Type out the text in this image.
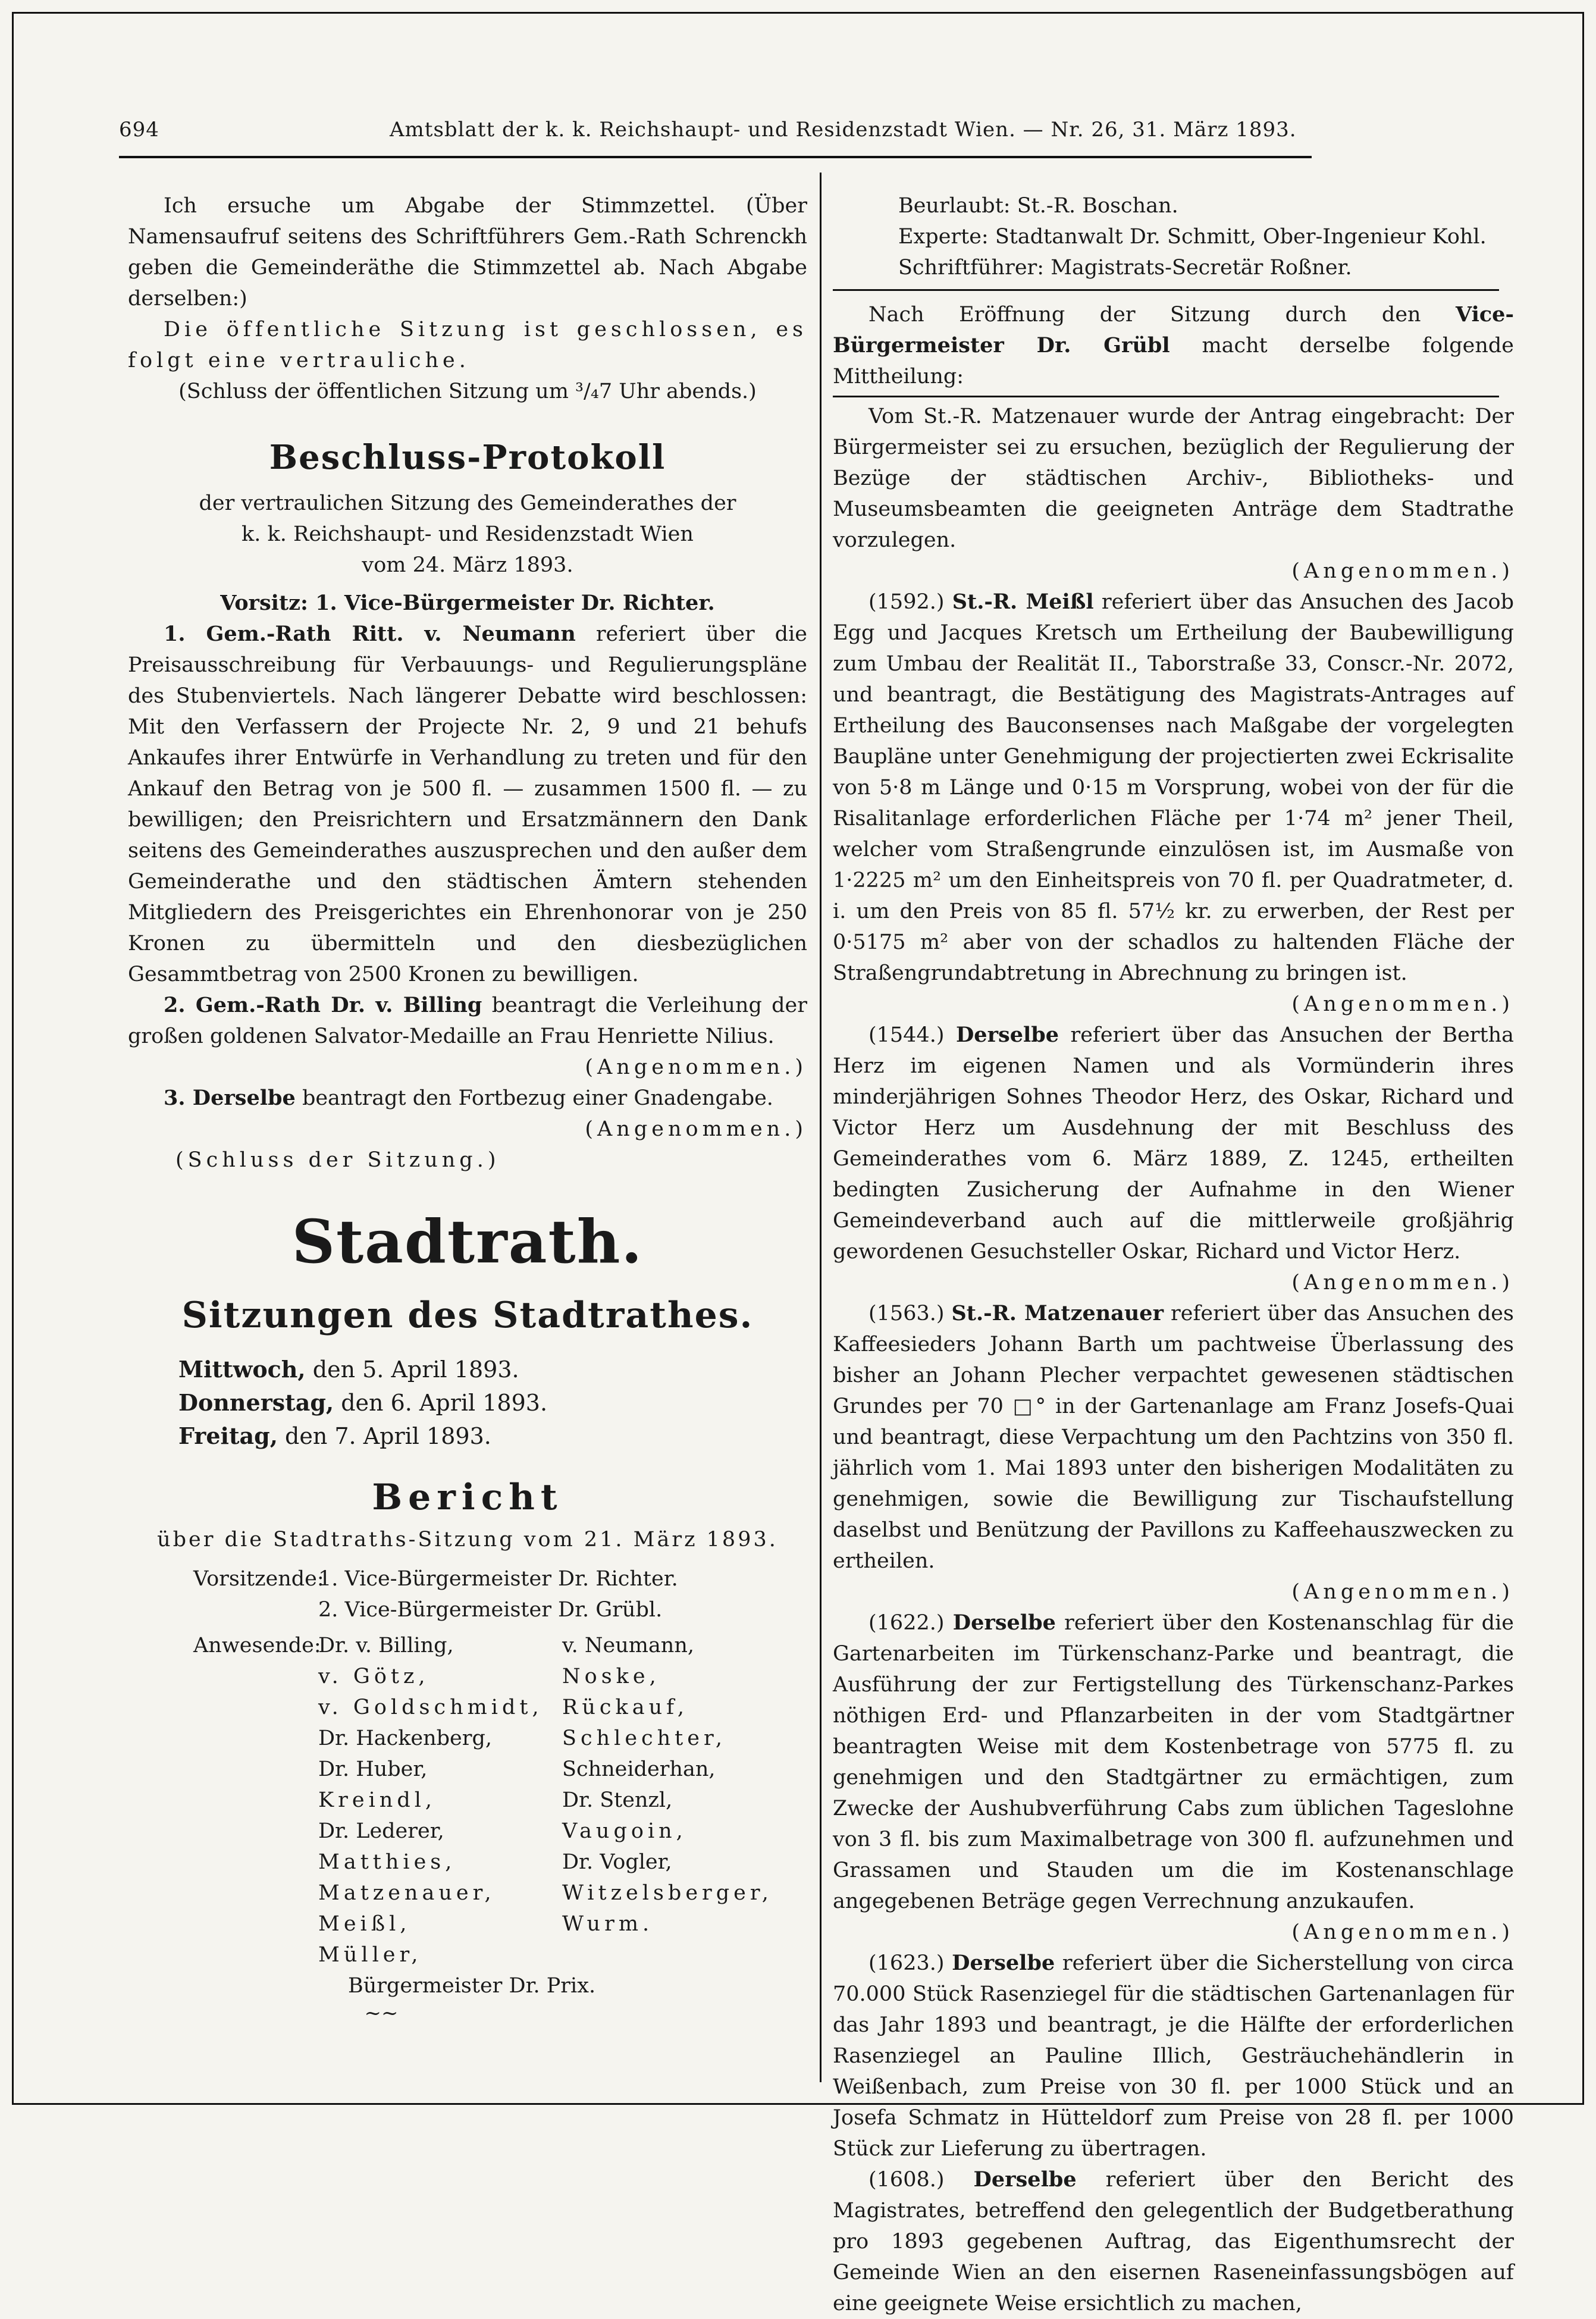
694	Amtsblatt der k. k. Reichshaupt- und Residenzstadt Wien. — Nr. 26, 31. März 1893.

Ich ersuche um Abgabe der Stimmzettel. (Über Namensaufruf seitens des Schriftführers Gem.-Rath Schrenckh geben die Gemeinderäthe die Stimmzettel ab. Nach Abgabe derselben:)

Die öffentliche Sitzung ist geschlossen, es folgt eine vertrauliche.

(Schluss der öffentlichen Sitzung um ³/₄7 Uhr abends.)

Beschluss-Protokoll

der vertraulichen Sitzung des Gemeinderathes der

k. k. Reichshaupt- und Residenzstadt Wien

vom 24. März 1893.

Vorsitz: 1. Vice-Bürgermeister Dr. Richter.

1. Gem.-Rath Ritt. v. Neumann referiert über die Preisausschreibung für Verbauungs- und Regulierungspläne des Stubenviertels. Nach längerer Debatte wird beschlossen: Mit den Verfassern der Projecte Nr. 2, 9 und 21 behufs Ankaufes ihrer Entwürfe in Verhandlung zu treten und für den Ankauf den Betrag von je 500 fl. — zusammen 1500 fl. — zu bewilligen; den Preisrichtern und Ersatzmännern den Dank seitens des Gemeinderathes auszusprechen und den außer dem Gemeinderathe und den städtischen Ämtern stehenden Mitgliedern des Preisgerichtes ein Ehrenhonorar von je 250 Kronen zu übermitteln und den diesbezüglichen Gesammtbetrag von 2500 Kronen zu bewilligen.

2. Gem.-Rath Dr. v. Billing beantragt die Verleihung der großen goldenen Salvator-Medaille an Frau Henriette Nilius.

(Angenommen.)

3. Derselbe beantragt den Fortbezug einer Gnadengabe.

(Angenommen.)

(Schluss der Sitzung.)

Stadtrath.
Sitzungen des Stadtrathes.
Mittwoch, den 5. April 1893.
Donnerstag, den 6. April 1893.
Freitag, den 7. April 1893.
Bericht

über die Stadtraths-Sitzung vom 21. März 1893.

Vorsitzende:
1. Vice-Bürgermeister Dr. Richter.
2. Vice-Bürgermeister Dr. Grübl.
Anwesende:
Dr. v. Billing,	v. Neumann,
v. Götz,	Noske,
v. Goldschmidt, Rückauf,
Dr. Hackenberg,	Schlechter,
Dr. Huber,	Schneiderhan,
Kreindl,	Dr. Stenzl,
Dr. Lederer,	Vaugoin,
Matthies,	Dr. Vogler,
Matzenauer,	Witzelsberger,
Meißl,	Wurm.
Müller,
Bürgermeister Dr. Prix.
~~

Beurlaubt: St.-R. Boschan.

Experte: Stadtanwalt Dr. Schmitt, Ober-Ingenieur Kohl.

Schriftführer: Magistrats-Secretär Roßner.

Nach Eröffnung der Sitzung durch den Vice-Bürgermeister Dr. Grübl macht derselbe folgende Mittheilung:

Vom St.-R. Matzenauer wurde der Antrag eingebracht: Der Bürgermeister sei zu ersuchen, bezüglich der Regulierung der Bezüge der städtischen Archiv-, Bibliotheks- und Museumsbeamten die geeigneten Anträge dem Stadtrathe vorzulegen.

(Angenommen.)

(1592.) St.-R. Meißl referiert über das Ansuchen des Jacob Egg und Jacques Kretsch um Ertheilung der Baubewilligung zum Umbau der Realität II., Taborstraße 33, Conscr.-Nr. 2072, und beantragt, die Bestätigung des Magistrats-Antrages auf Ertheilung des Bauconsenses nach Maßgabe der vorgelegten Baupläne unter Genehmigung der projectierten zwei Eckrisalite von 5·8 m Länge und 0·15 m Vorsprung, wobei von der für die Risalitanlage erforderlichen Fläche per 1·74 m² jener Theil, welcher vom Straßengrunde einzulösen ist, im Ausmaße von 1·2225 m² um den Einheitspreis von 70 fl. per Quadratmeter, d. i. um den Preis von 85 fl. 57½ kr. zu erwerben, der Rest per 0·5175 m² aber von der schadlos zu haltenden Fläche der Straßengrundabtretung in Abrechnung zu bringen ist.

(Angenommen.)

(1544.) Derselbe referiert über das Ansuchen der Bertha Herz im eigenen Namen und als Vormünderin ihres minderjährigen Sohnes Theodor Herz, des Oskar, Richard und Victor Herz um Ausdehnung der mit Beschluss des Gemeinderathes vom 6. März 1889, Z. 1245, ertheilten bedingten Zusicherung der Aufnahme in den Wiener Gemeindeverband auch auf die mittlerweile großjährig gewordenen Gesuchsteller Oskar, Richard und Victor Herz.

(Angenommen.)

(1563.) St.-R. Matzenauer referiert über das Ansuchen des Kaffeesieders Johann Barth um pachtweise Überlassung des bisher an Johann Plecher verpachtet gewesenen städtischen Grundes per 70 □° in der Gartenanlage am Franz Josefs-Quai und beantragt, diese Verpachtung um den Pachtzins von 350 fl. jährlich vom 1. Mai 1893 unter den bisherigen Modalitäten zu genehmigen, sowie die Bewilligung zur Tischaufstellung daselbst und Benützung der Pavillons zu Kaffeehauszwecken zu ertheilen.

(Angenommen.)

(1622.) Derselbe referiert über den Kostenanschlag für die Gartenarbeiten im Türkenschanz-Parke und beantragt, die Ausführung der zur Fertigstellung des Türkenschanz-Parkes nöthigen Erd- und Pflanzarbeiten in der vom Stadtgärtner beantragten Weise mit dem Kostenbetrage von 5775 fl. zu genehmigen und den Stadtgärtner zu ermächtigen, zum Zwecke der Aushubverführung Cabs zum üblichen Tageslohne von 3 fl. bis zum Maximalbetrage von 300 fl. aufzunehmen und Grassamen und Stauden um die im Kostenanschlage angegebenen Beträge gegen Verrechnung anzukaufen.

(Angenommen.)

(1623.) Derselbe referiert über die Sicherstellung von circa 70.000 Stück Rasenziegel für die städtischen Gartenanlagen für das Jahr 1893 und beantragt, je die Hälfte der erforderlichen Rasenziegel an Pauline Illich, Gesträuchehändlerin in Weißenbach, zum Preise von 30 fl. per 1000 Stück und an Josefa Schmatz in Hütteldorf zum Preise von 28 fl. per 1000 Stück zur Lieferung zu übertragen.

(1608.) Derselbe referiert über den Bericht des Magistrates, betreffend den gelegentlich der Budgetberathung pro 1893 gegebenen Auftrag, das Eigenthumsrecht der Gemeinde Wien an den eisernen Raseneinfassungsbögen auf eine geeignete Weise ersichtlich zu machen,
